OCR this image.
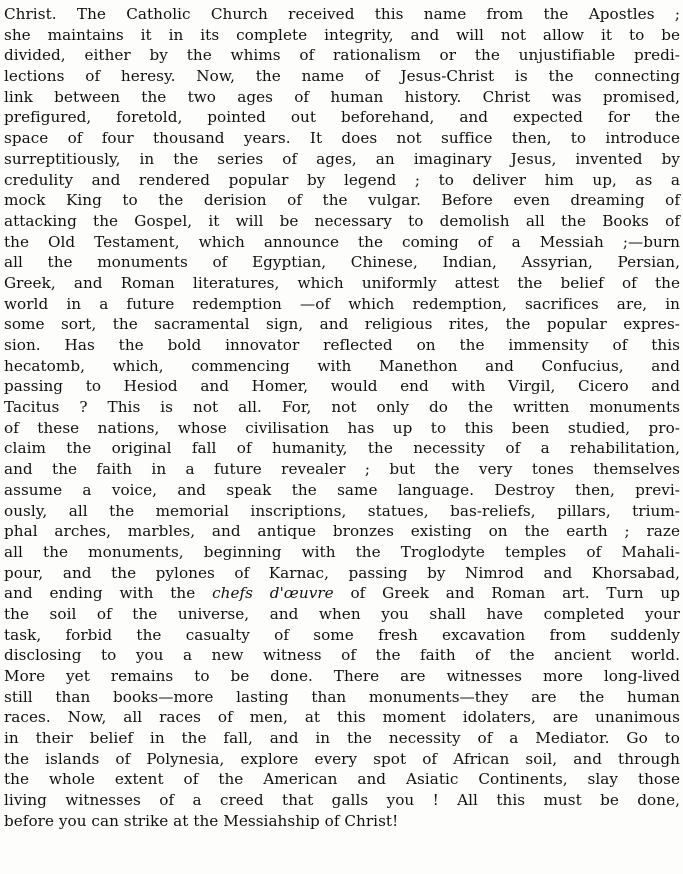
Christ. The Catholic Church received this name from the Apostles ;
she maintains it in its complete integrity, and will not allow it to be
divided, either by the whims of rationalism or the unjustifiable predi-
lections of heresy. Now, the name of Jesus-Christ is the connecting
link between the two ages of human history. Christ was promised,
prefigured, foretold, pointed out beforehand, and expected for the
space of four thousand years. It does not suffice then, to introduce
surreptitiously, in the series of ages, an imaginary Jesus, invented by
credulity and rendered popular by legend ; to deliver him up, as a
mock King to the derision of the vulgar. Before even dreaming of
attacking the Gospel, it will be necessary to demolish all the Books of
the Old Testament, which announce the coming of a Messiah ;—burn
all the monuments of Egyptian, Chinese, Indian, Assyrian, Persian,
Greek, and Roman literatures, which uniformly attest the belief of the
world in a future redemption —of which redemption, sacrifices are, in
some sort, the sacramental sign, and religious rites, the popular expres-
sion. Has the bold innovator reflected on the immensity of this
hecatomb, which, commencing with Manethon and Confucius, and
passing to Hesiod and Homer, would end with Virgil, Cicero and
Tacitus ? This is not all. For, not only do the written monuments
of these nations, whose civilisation has up to this been studied, pro-
claim the original fall of humanity, the necessity of a rehabilitation,
and the faith in a future revealer ; but the very tones themselves
assume a voice, and speak the same language. Destroy then, previ-
ously, all the memorial inscriptions, statues, bas-reliefs, pillars, trium-
phal arches, marbles, and antique bronzes existing on the earth ; raze
all the monuments, beginning with the Troglodyte temples of Mahali-
pour, and the pylones of Karnac, passing by Nimrod and Khorsabad,
and ending with the chefs d'œuvre of Greek and Roman art. Turn up
the soil of the universe, and when you shall have completed your
task, forbid the casualty of some fresh excavation from suddenly
disclosing to you a new witness of the faith of the ancient world.
More yet remains to be done. There are witnesses more long-lived
still than books—more lasting than monuments—they are the human
races. Now, all races of men, at this moment idolaters, are unanimous
in their belief in the fall, and in the necessity of a Mediator. Go to
the islands of Polynesia, explore every spot of African soil, and through
the whole extent of the American and Asiatic Continents, slay those
living witnesses of a creed that galls you ! All this must be done,
before you can strike at the Messiahship of Christ!
